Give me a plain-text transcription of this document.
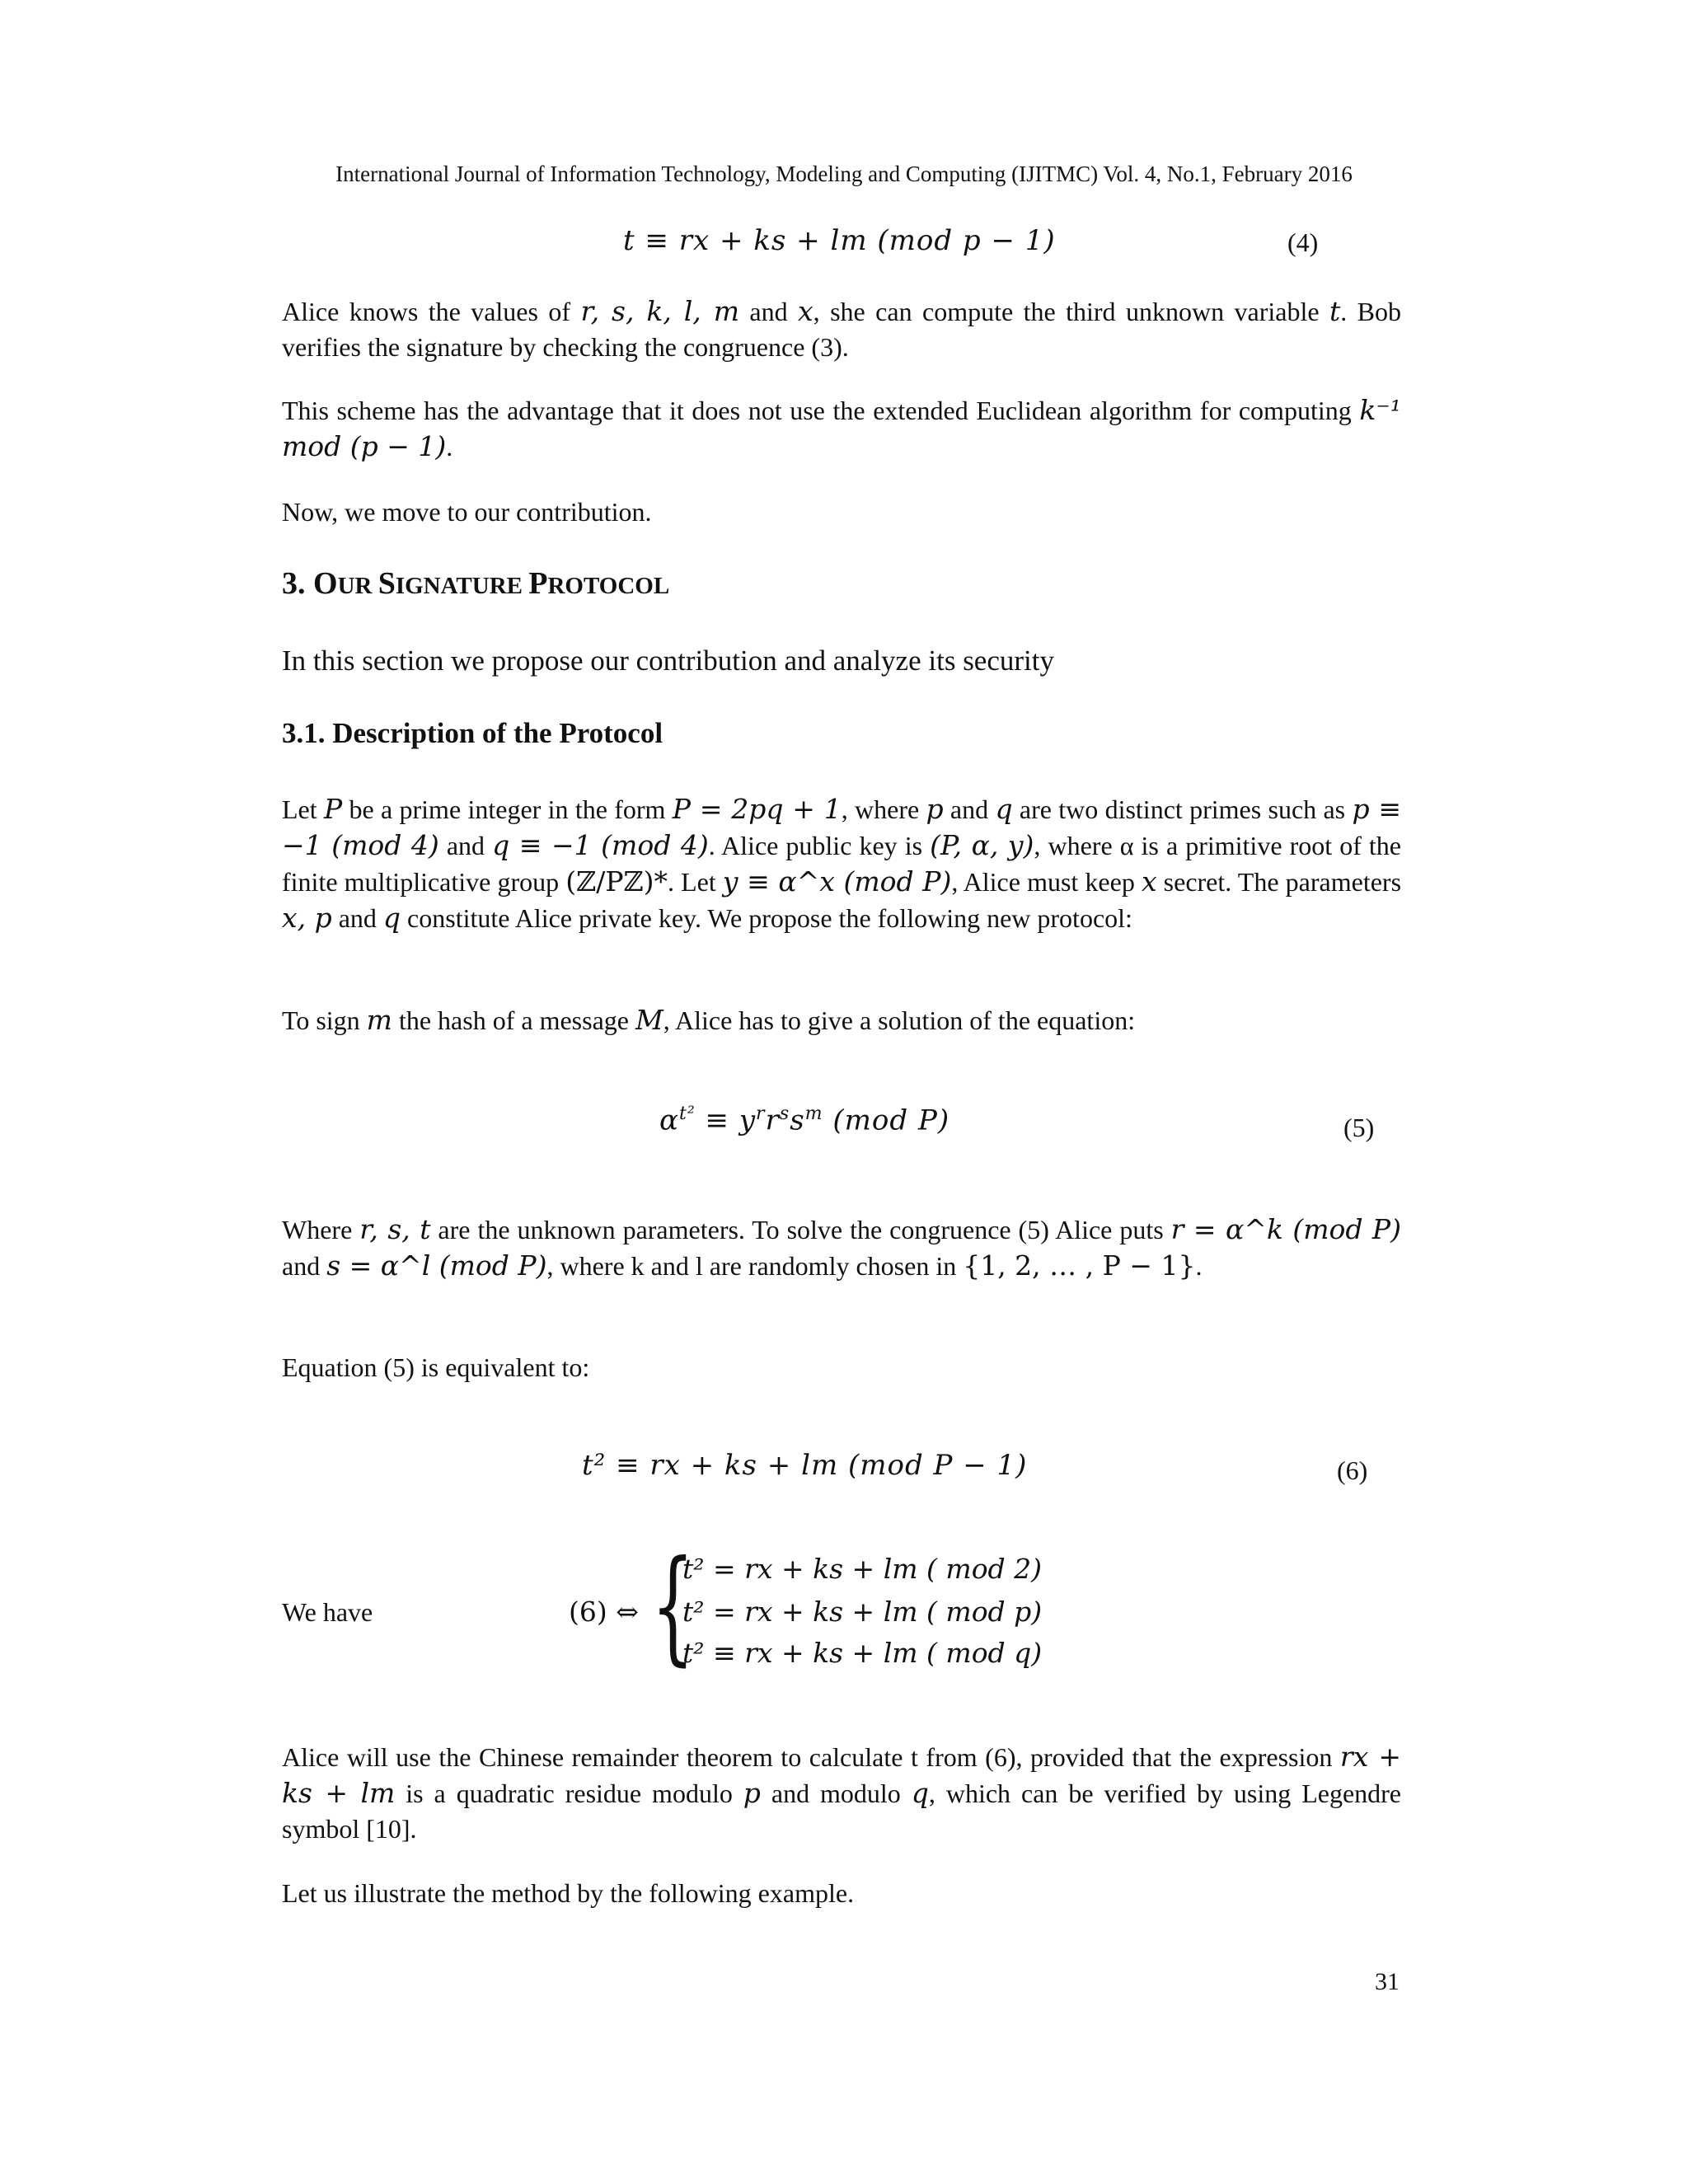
International Journal of Information Technology, Modeling and Computing (IJITMC) Vol. 4, No.1, February 2016
t ≡ rx + ks + lm (mod p − 1)	(4)
Alice knows the values of r, s, k, l, m and x, she can compute the third unknown variable t. Bob verifies the signature by checking the congruence (3).
This scheme has the advantage that it does not use the extended Euclidean algorithm for computing k⁻¹ mod (p − 1).
Now, we move to our contribution.
3. OUR SIGNATURE PROTOCOL
In this section we propose our contribution and analyze its security
3.1. Description of the Protocol
Let P be a prime integer in the form P = 2pq + 1, where p and q are two distinct primes such as p ≡ −1 (mod 4) and q ≡ −1 (mod 4). Alice public key is (P, α, y), where α is a primitive root of the finite multiplicative group (ℤ/Pℤ)*. Let y ≡ α^x (mod P), Alice must keep x secret. The parameters x, p and q constitute Alice private key. We propose the following new protocol:
To sign m the hash of a message M, Alice has to give a solution of the equation:
$\alpha^{t^2} \equiv y^rr^ss^m$ (mod P)	(5)
Where r, s, t are the unknown parameters. To solve the congruence (5) Alice puts r = α^k (mod P) and s = α^l (mod P), where k and l are randomly chosen in {1, 2, … , P − 1}.
Equation (5) is equivalent to:
t² ≡ rx + ks + lm (mod P − 1)	(6)
We have	(6) ⇔ {
t² = rx + ks + lm ( mod 2)
t² = rx + ks + lm ( mod p)
t² ≡ rx + ks + lm ( mod q)
Alice will use the Chinese remainder theorem to calculate t from (6), provided that the expression rx + ks + lm is a quadratic residue modulo p and modulo q, which can be verified by using Legendre symbol [10].
Let us illustrate the method by the following example.
31
